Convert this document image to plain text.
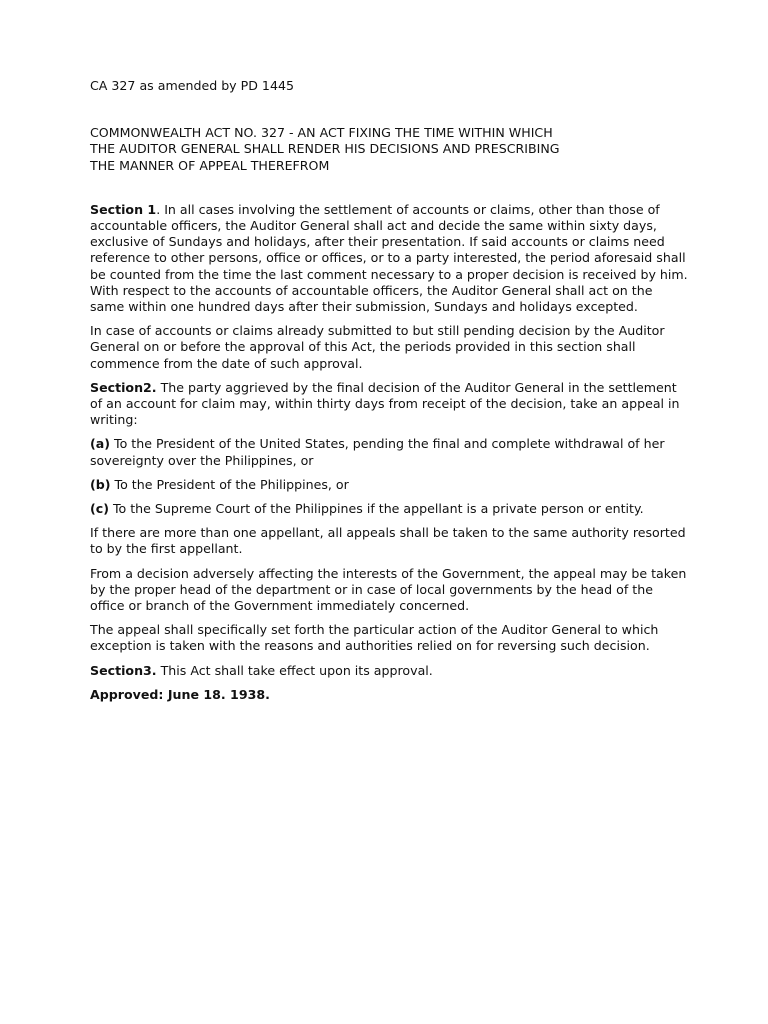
CA 327 as amended by PD 1445

COMMONWEALTH ACT NO. 327 - AN ACT FIXING THE TIME WITHIN WHICH
THE AUDITOR GENERAL SHALL RENDER HIS DECISIONS AND PRESCRIBING
THE MANNER OF APPEAL THEREFROM

Section 1. In all cases involving the settlement of accounts or claims, other than those of accountable officers, the Auditor General shall act and decide the same within sixty days, exclusive of Sundays and holidays, after their presentation. If said accounts or claims need reference to other persons, office or offices, or to a party interested, the period aforesaid shall be counted from the time the last comment necessary to a proper decision is received by him. With respect to the accounts of accountable officers, the Auditor General shall act on the same within one hundred days after their submission, Sundays and holidays excepted.

In case of accounts or claims already submitted to but still pending decision by the Auditor General on or before the approval of this Act, the periods provided in this section shall commence from the date of such approval.

Section2. The party aggrieved by the final decision of the Auditor General in the settlement of an account for claim may, within thirty days from receipt of the decision, take an appeal in writing:

(a) To the President of the United States, pending the final and complete withdrawal of her sovereignty over the Philippines, or

(b) To the President of the Philippines, or

(c) To the Supreme Court of the Philippines if the appellant is a private person or entity.

If there are more than one appellant, all appeals shall be taken to the same authority resorted to by the first appellant.

From a decision adversely affecting the interests of the Government, the appeal may be taken by the proper head of the department or in case of local governments by the head of the office or branch of the Government immediately concerned.

The appeal shall specifically set forth the particular action of the Auditor General to which exception is taken with the reasons and authorities relied on for reversing such decision.

Section3. This Act shall take effect upon its approval.

Approved: June 18. 1938.
